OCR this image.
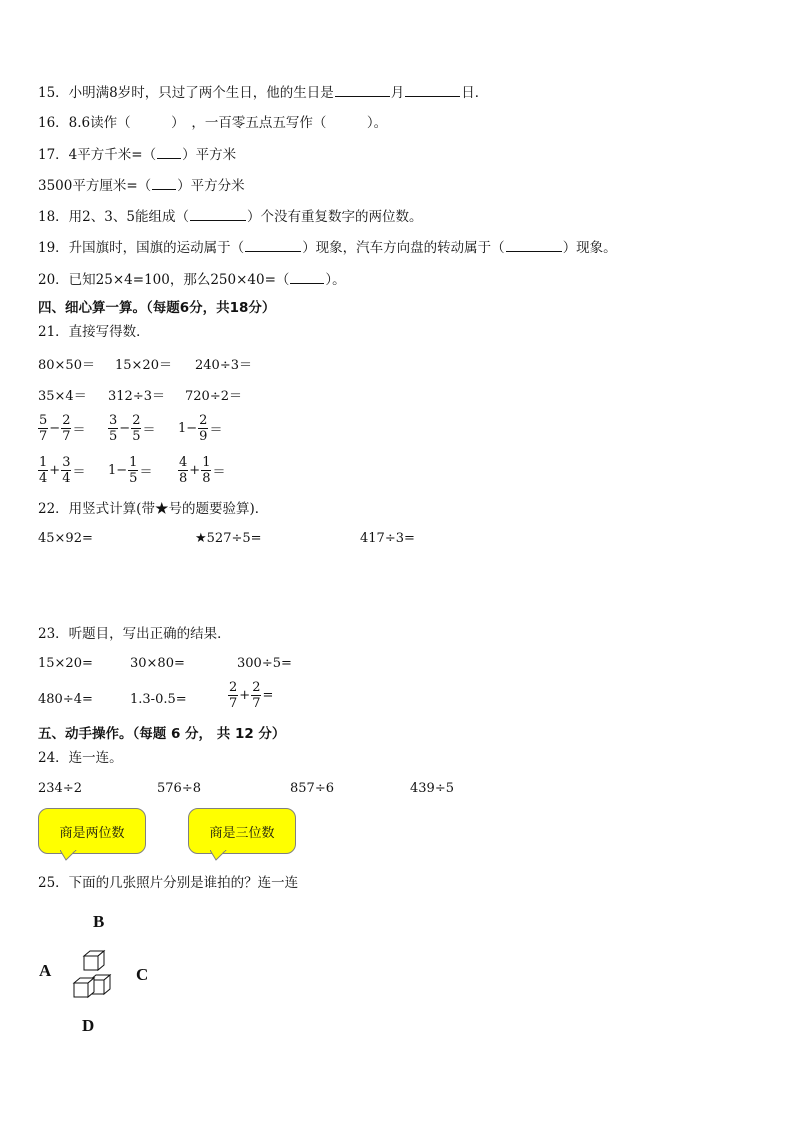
15．小明满8岁时，只过了两个生日，他的生日是	月	日．
16．8.6读作（　　　）　，一百零五点五写作（　　　）。
17．4平方千米=（ ）平方米
3500平方厘米=（ ）平方分米
18．用2、3、5能组成（	）个没有重复数字的两位数。
19．升国旗时，国旗的运动属于（	）现象，汽车方向盘的转动属于（	）现象。
20．已知25×4=100，那么250×40=（	）。
四、细心算一算。（每题6分，共18分）
21．直接写得数．
80×50＝ 15×20＝ 240÷3＝
35×4＝ 312÷3＝ 720÷2＝
$\frac{5}{7} - \frac{2}{7} = \frac{3}{5} - \frac{2}{5} = 1- \frac{2}{9}$ ＝
$\frac{1}{4} + \frac{3}{4} = 1- \frac{1}{5} = \frac{4}{8} + \frac{1}{8}$ ＝
22．用竖式计算(带★号的题要验算)．
45×92=	★527÷5=	417÷3=
23．听题目，写出正确的结果．
15×20=	30×80=	300÷5=
480÷4=	1.3-0.5=	$\frac{2}{7} + \frac{2}{7}$ =
五、动手操作。（每题 6 分， 共 12 分）
24．连一连。
234÷2	576÷8	857÷6	439÷5
商是两位数	商是三位数
25．下面的几张照片分别是谁拍的？连一连
B
A	C
D
